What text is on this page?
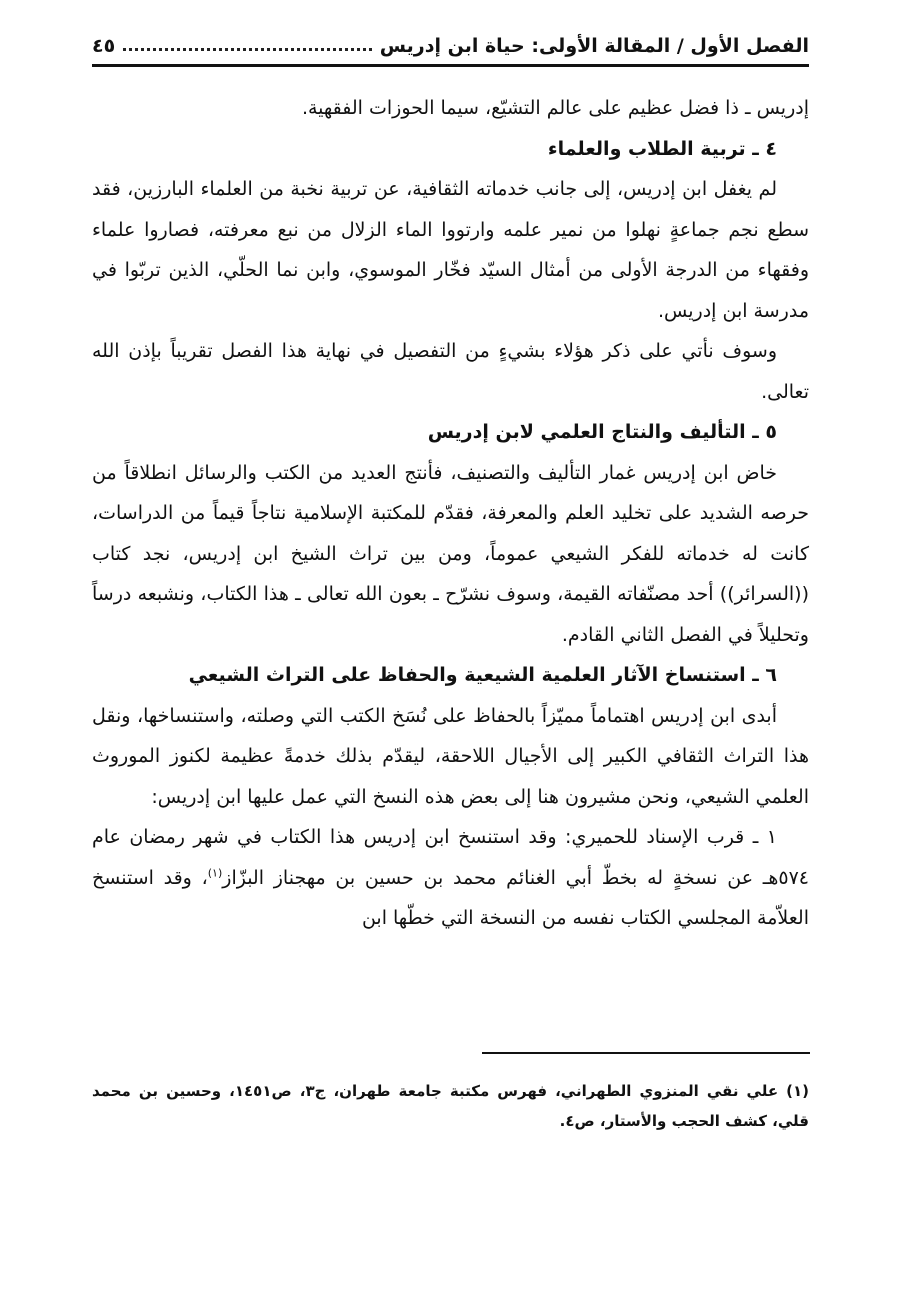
الفصل الأول / المقالة الأولى: حياة ابن إدريس
٤٥

إدريس ـ ذا فضل عظيم على عالم التشيّع، سيما الحوزات الفقهية.

٤ ـ تربية الطلاب والعلماء

لم يغفل ابن إدريس، إلى جانب خدماته الثقافية، عن تربية نخبة من العلماء البارزين، فقد سطع نجم جماعةٍ نهلوا من نمير علمه وارتووا الماء الزلال من نبع معرفته، فصاروا علماء وفقهاء من الدرجة الأولى من أمثال السيّد فخّار الموسوي، وابن نما الحلّي، الذين تربّوا في مدرسة ابن إدريس.

وسوف نأتي على ذكر هؤلاء بشيءٍ من التفصيل في نهاية هذا الفصل تقريباً بإذن الله تعالى.

٥ ـ التأليف والنتاج العلمي لابن إدريس

خاض ابن إدريس غمار التأليف والتصنيف، فأنتج العديد من الكتب والرسائل انطلاقاً من حرصه الشديد على تخليد العلم والمعرفة، فقدّم للمكتبة الإسلامية نتاجاً قيماً من الدراسات، كانت له خدماته للفكر الشيعي عموماً، ومن بين تراث الشيخ ابن إدريس، نجد كتاب ((السرائر)) أحد مصنّفاته القيمة، وسوف نشرّح ـ بعون الله تعالى ـ هذا الكتاب، ونشبعه درساً وتحليلاً في الفصل الثاني القادم.

٦ ـ استنساخ الآثار العلمية الشيعية والحفاظ على التراث الشيعي

أبدى ابن إدريس اهتماماً مميّزاً بالحفاظ على نُسَخ الكتب التي وصلته، واستنساخها، ونقل هذا التراث الثقافي الكبير إلى الأجيال اللاحقة، ليقدّم بذلك خدمةً عظيمة لكنوز الموروث العلمي الشيعي، ونحن مشيرون هنا إلى بعض هذه النسخ التي عمل عليها ابن إدريس:

١ ـ قرب الإسناد للحميري: وقد استنسخ ابن إدريس هذا الكتاب في شهر رمضان عام ٥٧٤هـ عن نسخةٍ له بخطّ أبي الغنائم محمد بن حسين بن مهجناز البزّاز$^{(١)}$، وقد استنسخ العلاّمة المجلسي الكتاب نفسه من النسخة التي خطّها ابن

(١) علي نقي المنزوي الطهراني، فهرس مكتبة جامعة طهران، ج٣، ص١٤٥١، وحسين بن محمد قلي، كشف الحجب والأستار، ص٤.
